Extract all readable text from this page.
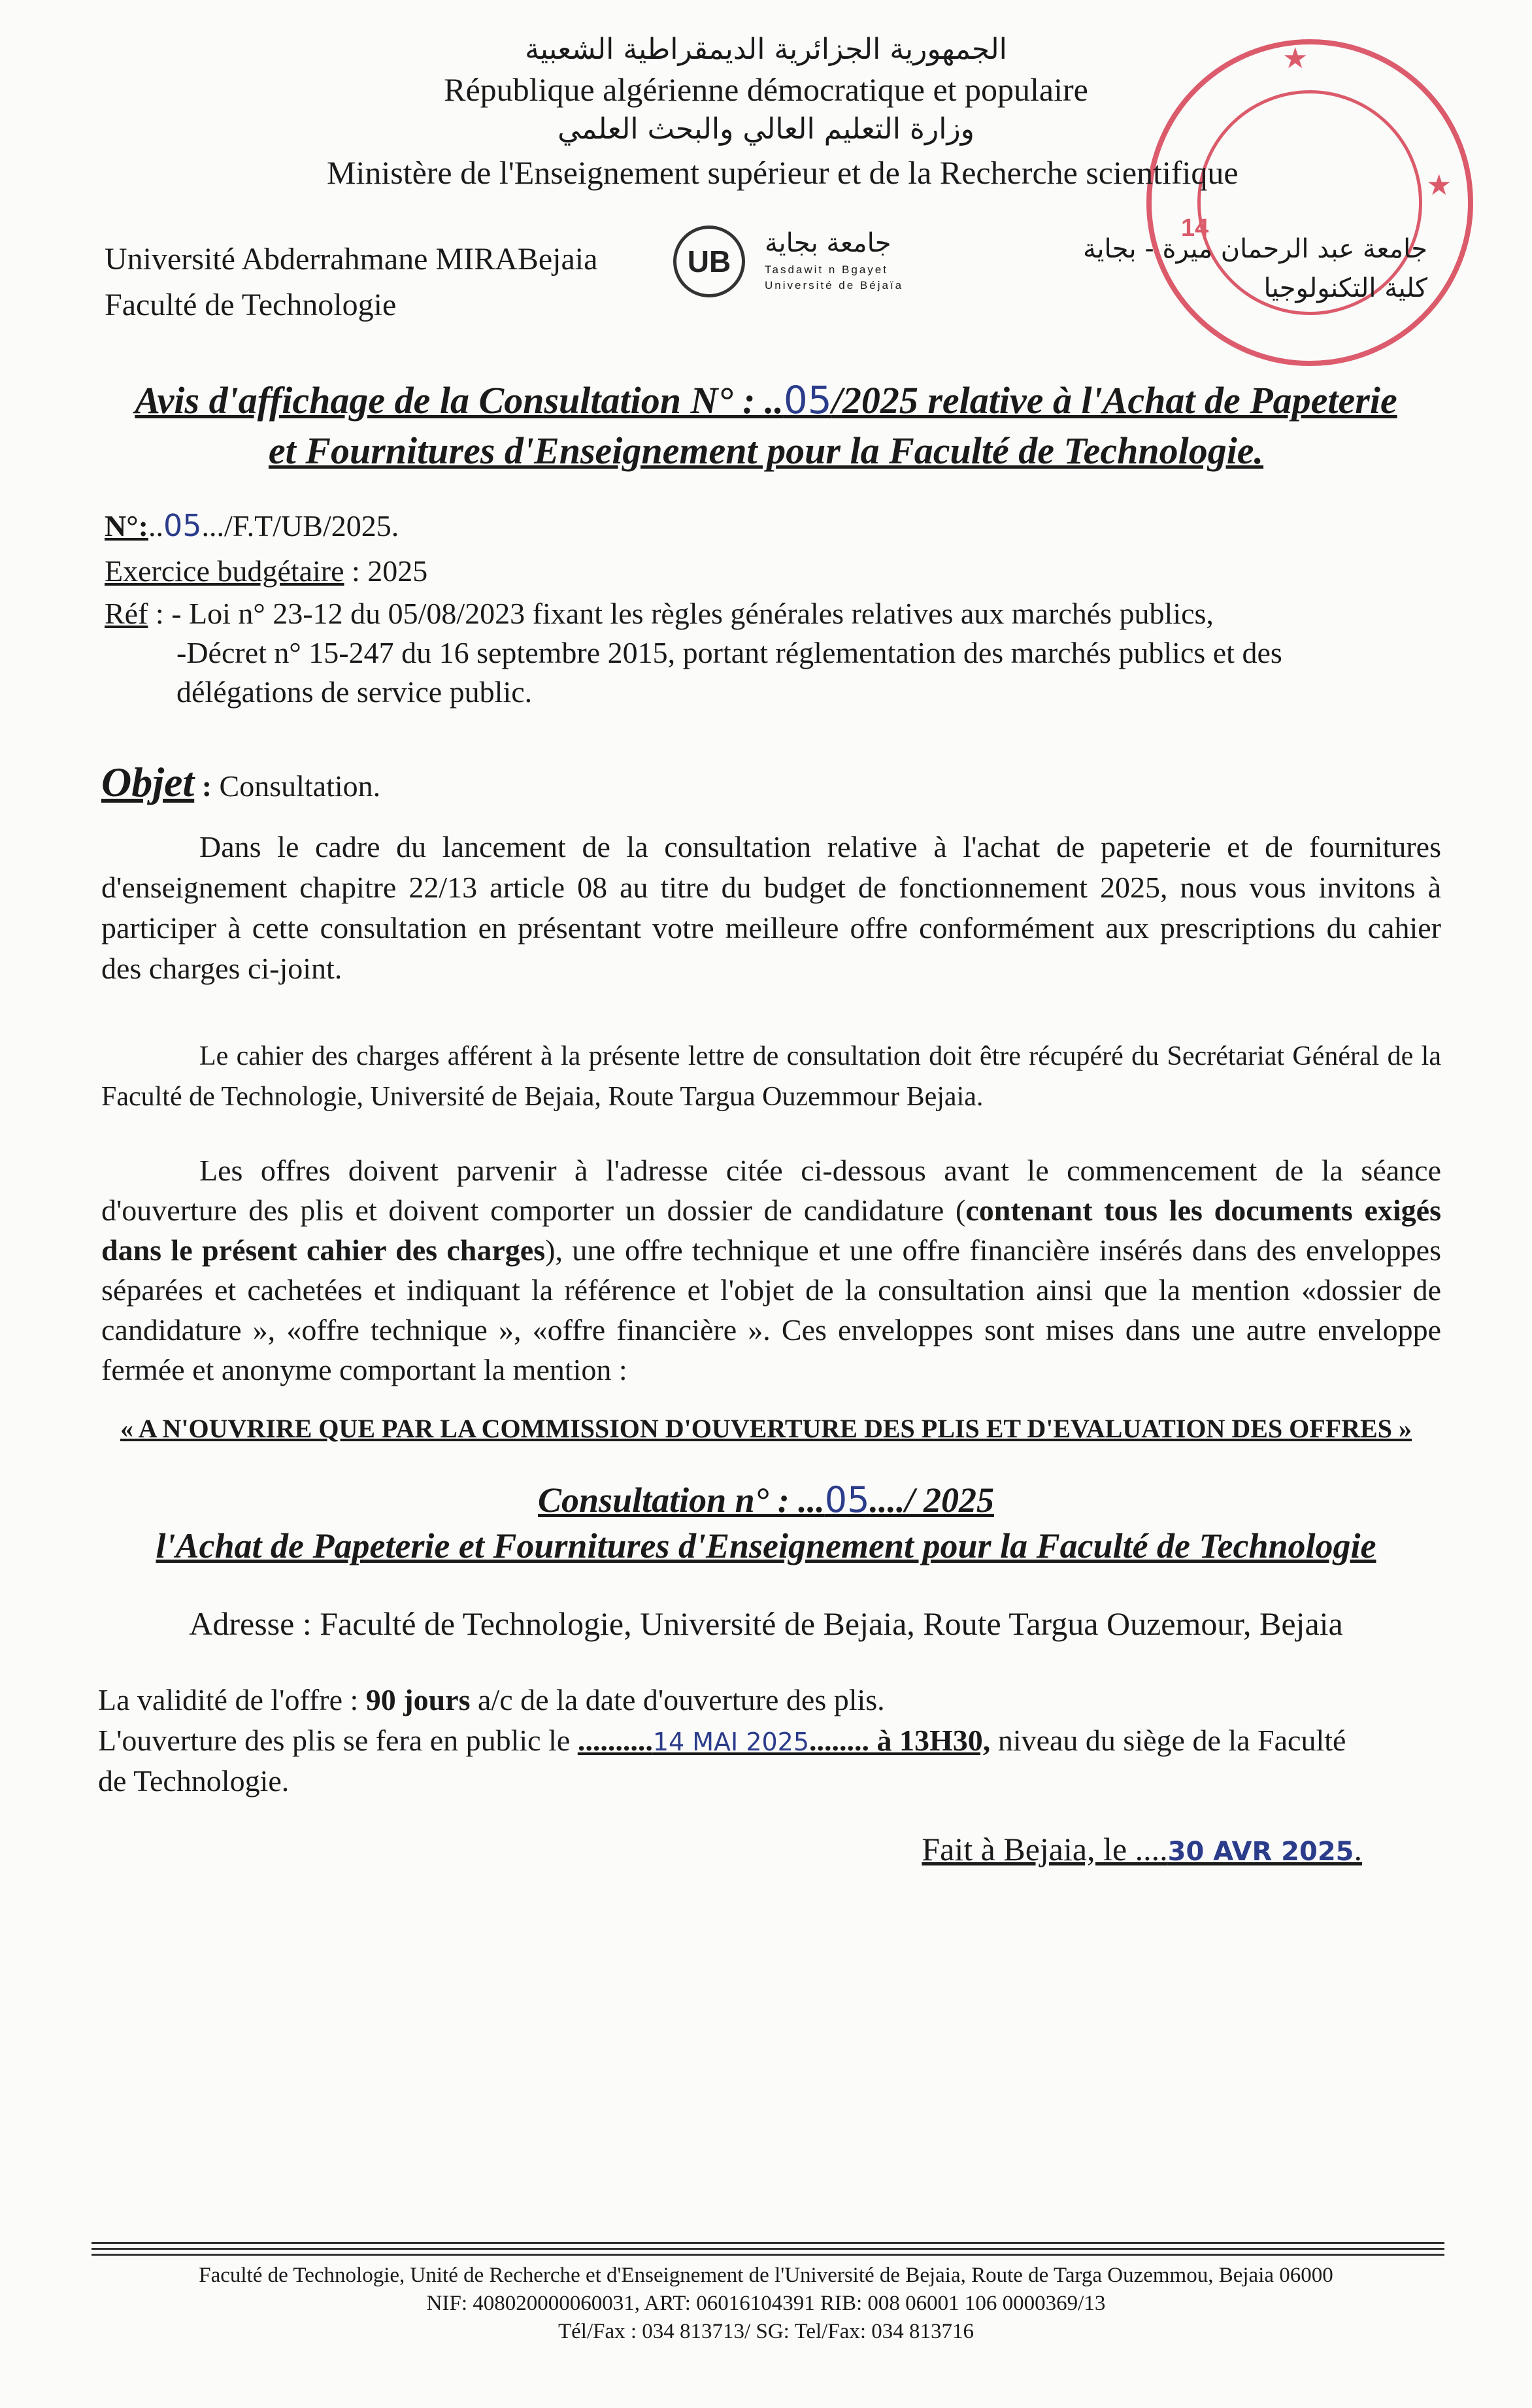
★
★
14
الجمهورية الجزائرية الديمقراطية الشعبية
République algérienne démocratique et populaire
وزارة التعليم العالي والبحث العلمي
Ministère de l'Enseignement supérieur et de la Recherche scientifique
Université Abderrahmane MIRABejaia
Faculté de Technologie
UB
جامعة بجاية
Tasdawit n Bgayet
Université de Béjaïa
جامعة عبد الرحمان ميرة - بجاية
كلية التكنولوجيا
Avis d'affichage de la Consultation N° : ..05/2025 relative à l'Achat de Papeterie
et Fournitures d'Enseignement pour la Faculté de Technologie.
N°:..05.../F.T/UB/2025.
Exercice budgétaire : 2025
Réf : - Loi n° 23-12 du 05/08/2023 fixant les règles générales relatives aux marchés publics,
-Décret n° 15-247 du 16 septembre 2015, portant réglementation des marchés publics et des
délégations de service public.
Objet : Consultation.
Dans le cadre du lancement de la consultation relative à l'achat de papeterie et de fournitures d'enseignement chapitre 22/13 article 08 au titre du budget de fonctionnement 2025, nous vous invitons à participer à cette consultation en présentant votre meilleure offre conformément aux prescriptions du cahier des charges ci-joint.
Le cahier des charges afférent à la présente lettre de consultation doit être récupéré du Secrétariat Général de la Faculté de Technologie, Université de Bejaia, Route Targua Ouzemmour Bejaia.
Les offres doivent parvenir à l'adresse citée ci-dessous avant le commencement de la séance d'ouverture des plis et doivent comporter un dossier de candidature (contenant tous les documents exigés dans le présent cahier des charges), une offre technique et une offre financière insérés dans des enveloppes séparées et cachetées et indiquant la référence et l'objet de la consultation ainsi que la mention «dossier de candidature », «offre technique », «offre financière ». Ces enveloppes sont mises dans une autre enveloppe fermée et anonyme comportant la mention :
« A N'OUVRIRE QUE PAR LA COMMISSION D'OUVERTURE DES PLIS ET D'EVALUATION DES OFFRES »
Consultation n° : ...05..../ 2025
l'Achat de Papeterie et Fournitures d'Enseignement pour la Faculté de Technologie
Adresse : Faculté de Technologie, Université de Bejaia, Route Targua Ouzemour, Bejaia
La validité de l'offre : 90 jours a/c de la date d'ouverture des plis.
L'ouverture des plis se fera en public le ..........14 MAI 2025........ à 13H30, niveau du siège de la Faculté
de Technologie.
Fait à Bejaia, le ....30 AVR 2025.
Faculté de Technologie, Unité de Recherche et d'Enseignement de l'Université de Bejaia, Route de Targa Ouzemmou, Bejaia 06000
NIF: 408020000060031, ART: 06016104391 RIB: 008 06001 106 0000369/13
Tél/Fax : 034 813713/ SG: Tel/Fax: 034 813716
